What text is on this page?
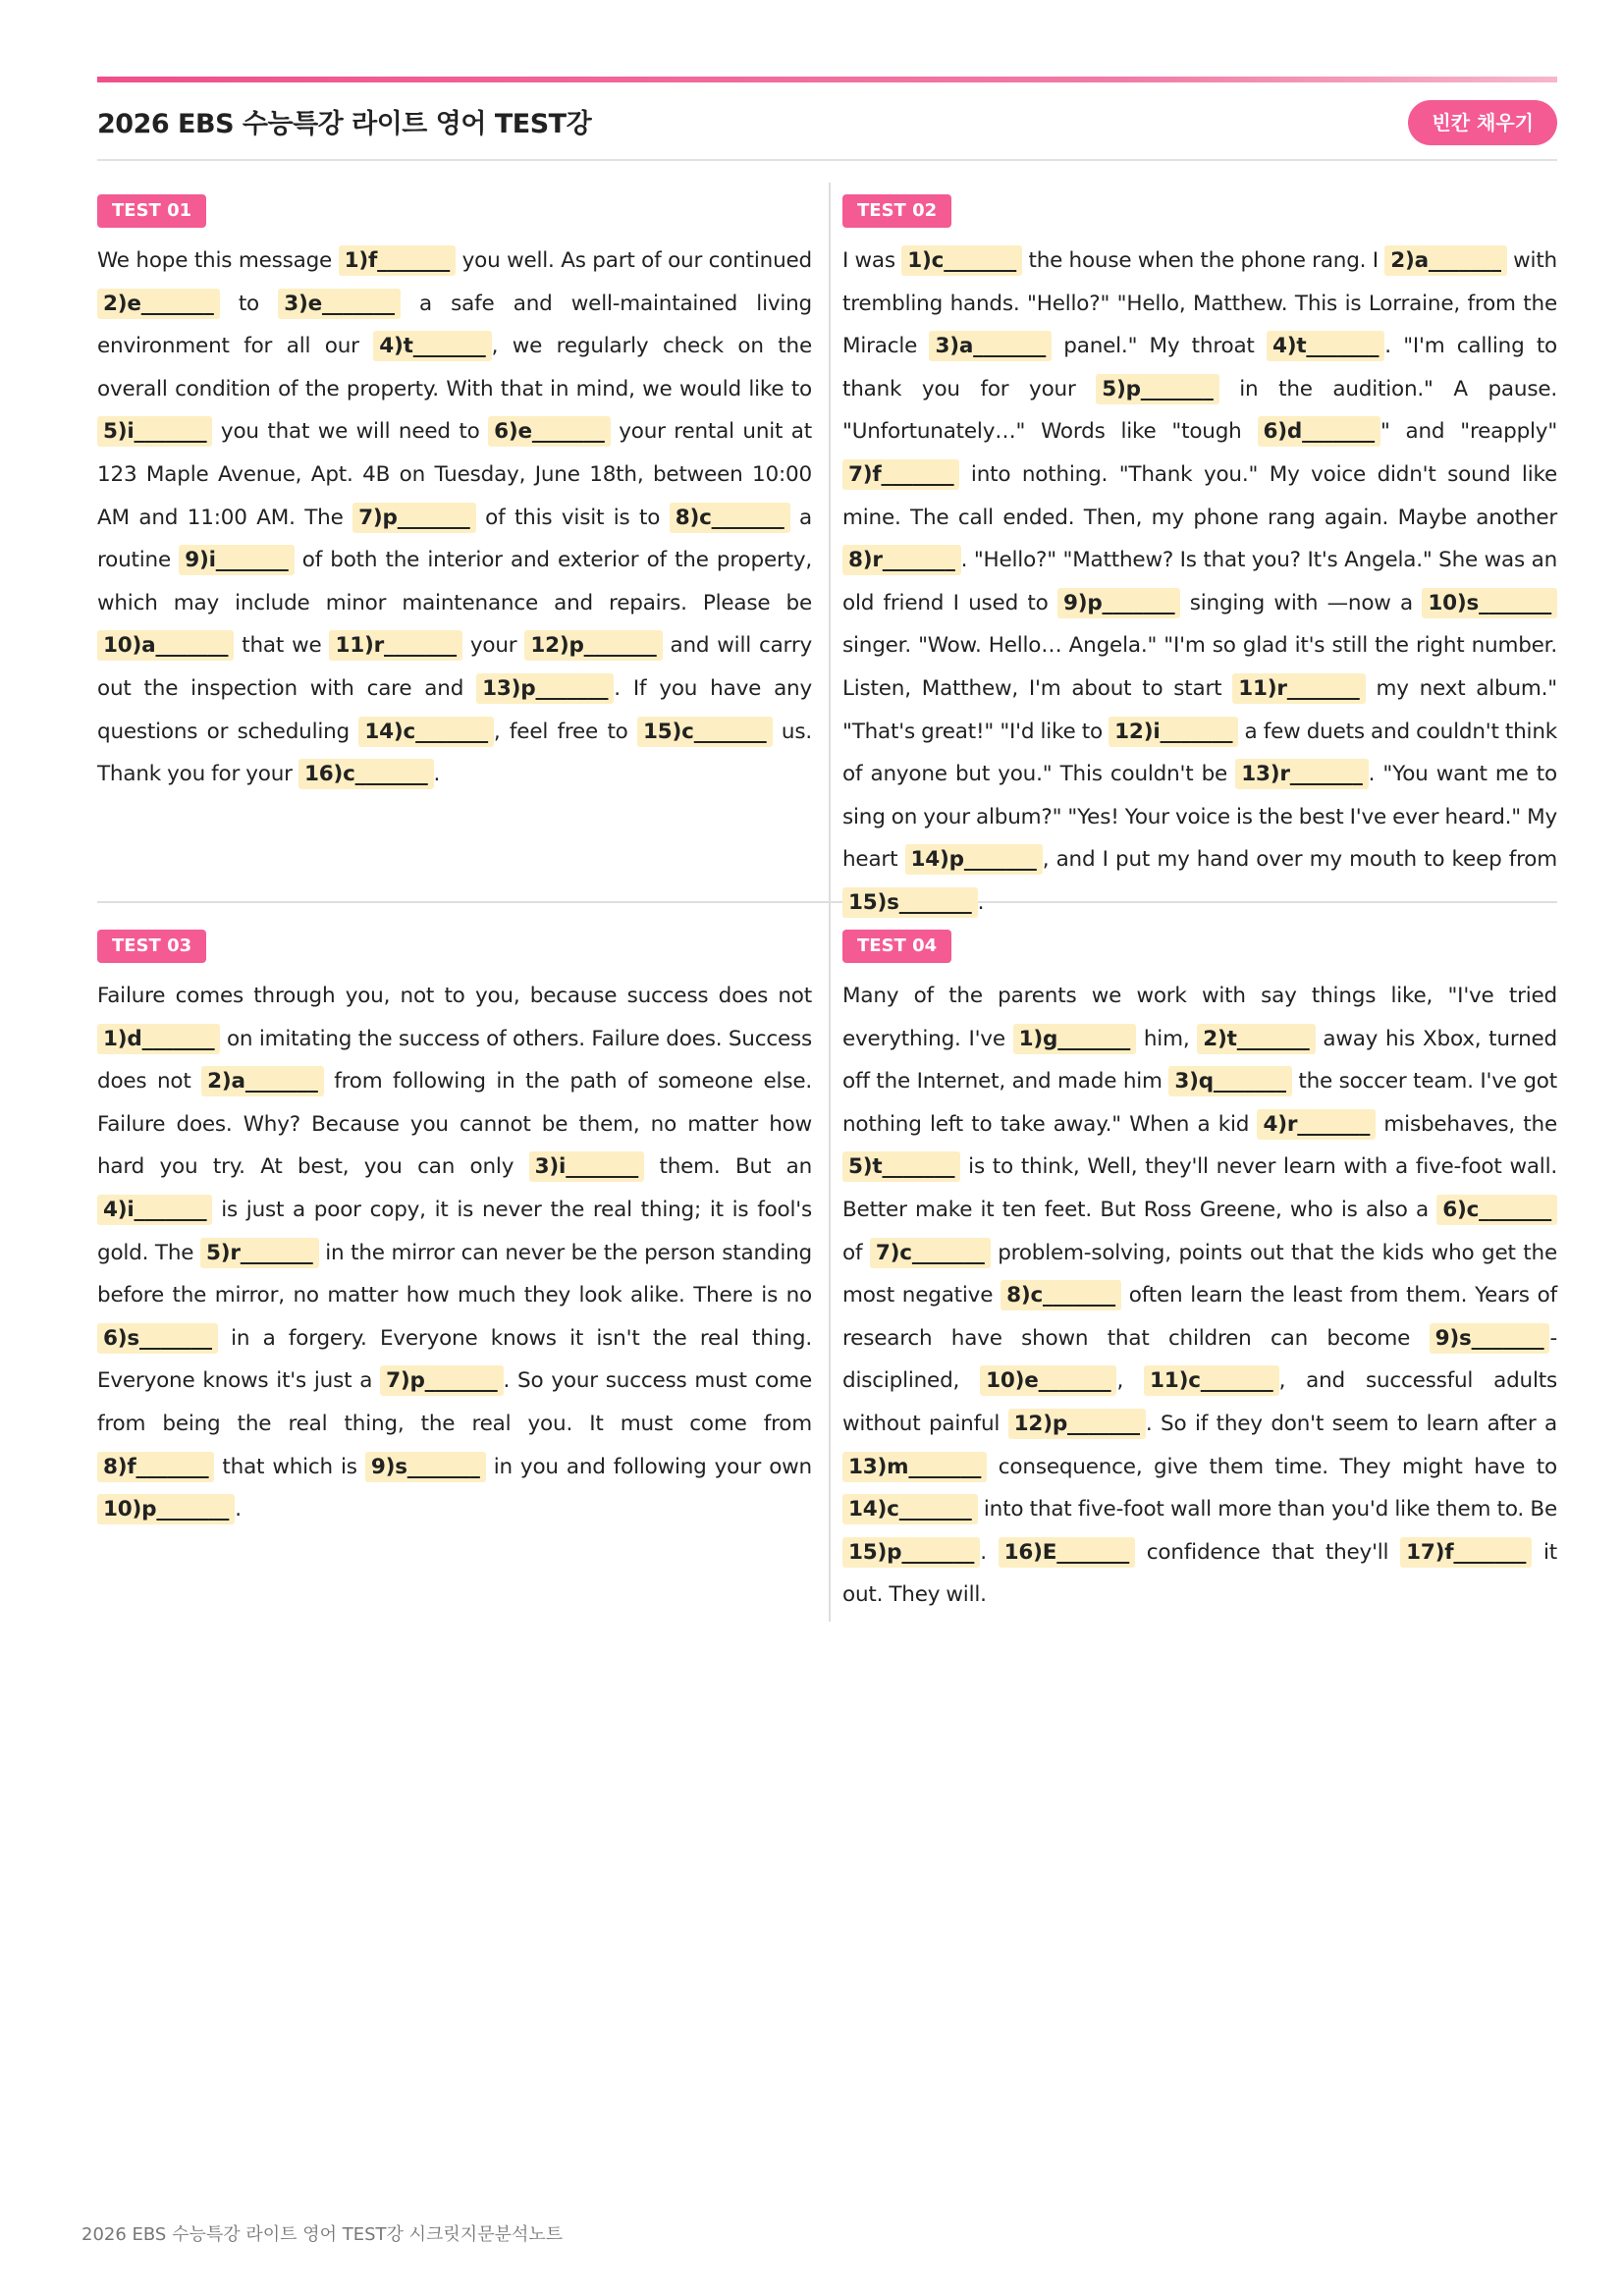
2026 EBS 수능특강 라이트 영어 TEST강	빈칸 채우기
TEST 01

We hope this message 1)f_______ you well. As part of our continued 2)e_______ to 3)e_______ a safe and well-maintained living environment for all our 4)t_______ , we regularly check on the overall condition of the property. With that in mind, we would like to 5)i_______ you that we will need to 6)e_______ your rental unit at 123 Maple Avenue, Apt. 4B on Tuesday, June 18th, between 10:00 AM and 11:00 AM. The 7)p_______ of this visit is to 8)c_______ a routine 9)i_______ of both the interior and exterior of the property, which may include minor maintenance and repairs. Please be 10)a_______ that we 11)r_______ your 12)p_______ and will carry out the inspection with care and 13)p_______ . If you have any questions or scheduling 14)c_______ , feel free to 15)c_______ us. Thank you for your 16)c_______ .

TEST 02

I was 1)c_______ the house when the phone rang. I 2)a_______ with trembling hands. "Hello?" "Hello, Matthew. This is Lorraine, from the Miracle 3)a_______ panel." My throat 4)t_______ . "I'm calling to thank you for your 5)p_______ in the audition." A pause. "Unfortunately…" Words like "tough 6)d_______ " and "reapply" 7)f_______ into nothing. "Thank you." My voice didn't sound like mine. The call ended. Then, my phone rang again. Maybe another 8)r_______ . "Hello?" "Matthew? Is that you? It's Angela." She was an old friend I used to 9)p_______ singing with —now a 10)s_______ singer. "Wow. Hello… Angela." "I'm so glad it's still the right number. Listen, Matthew, I'm about to start 11)r_______ my next album." "That's great!" "I'd like to 12)i_______ a few duets and couldn't think of anyone but you." This couldn't be 13)r_______ . "You want me to sing on your album?" "Yes! Your voice is the best I've ever heard." My heart 14)p_______ , and I put my hand over my mouth to keep from 15)s_______ .

TEST 03

Failure comes through you, not to you, because success does not 1)d_______ on imitating the success of others. Failure does. Success does not 2)a_______ from following in the path of someone else. Failure does. Why? Because you cannot be them, no matter how hard you try. At best, you can only 3)i_______ them. But an 4)i_______ is just a poor copy, it is never the real thing; it is fool's gold. The 5)r_______ in the mirror can never be the person standing before the mirror, no matter how much they look alike. There is no 6)s_______ in a forgery. Everyone knows it isn't the real thing. Everyone knows it's just a 7)p_______ . So your success must come from being the real thing, the real you. It must come from 8)f_______ that which is 9)s_______ in you and following your own 10)p_______ .

TEST 04

Many of the parents we work with say things like, "I've tried everything. I've 1)g_______ him, 2)t_______ away his Xbox, turned off the Internet, and made him 3)q_______ the soccer team. I've got nothing left to take away." When a kid 4)r_______ misbehaves, the 5)t_______ is to think, Well, they'll never learn with a five-foot wall. Better make it ten feet. But Ross Greene, who is also a 6)c_______ of 7)c_______ problem-solving, points out that the kids who get the most negative 8)c_______ often learn the least from them. Years of research have shown that children can become 9)s_______ -disciplined, 10)e_______ , 11)c_______ , and successful adults without painful 12)p_______ . So if they don't seem to learn after a 13)m_______ consequence, give them time. They might have to 14)c_______ into that five-foot wall more than you'd like them to. Be 15)p_______ . 16)E_______ confidence that they'll 17)f_______ it out. They will.

2026 EBS 수능특강 라이트 영어 TEST강 시크릿지문분석노트
